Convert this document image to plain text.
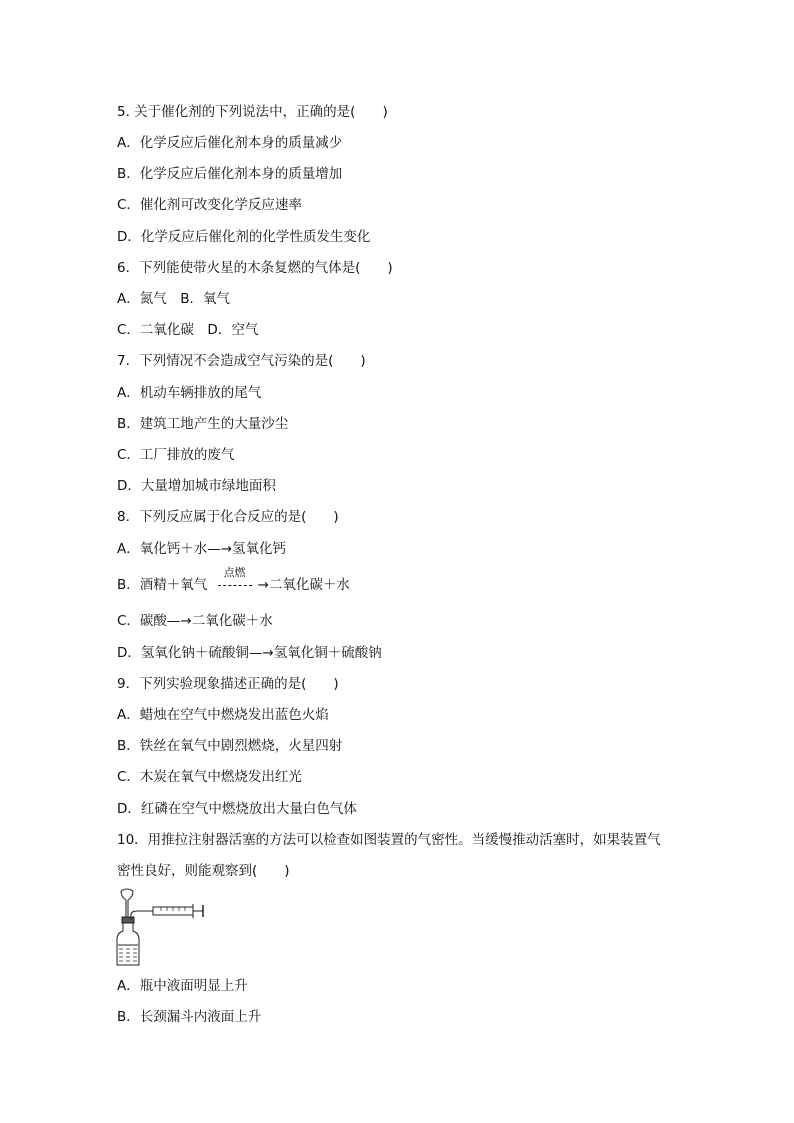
5. 关于催化剂的下列说法中，正确的是(　　)
A．化学反应后催化剂本身的质量减少
B．化学反应后催化剂本身的质量增加
C．催化剂可改变化学反应速率
D．化学反应后催化剂的化学性质发生变化
6．下列能使带火星的木条复燃的气体是(　　)
A．氮气　B．氧气
C．二氧化碳　D．空气
7．下列情况不会造成空气污染的是(　　)
A．机动车辆排放的尾气
B．建筑工地产生的大量沙尘
C．工厂排放的废气
D．大量增加城市绿地面积
8．下列反应属于化合反应的是(　　)
A．氧化钙＋水—→氢氧化钙
B．酒精＋氧气
点燃
→二氧化碳＋水
C．碳酸—→二氧化碳＋水
D．氢氧化钠＋硫酸铜—→氢氧化铜＋硫酸钠
9．下列实验现象描述正确的是(　　)
A．蜡烛在空气中燃烧发出蓝色火焰
B．铁丝在氧气中剧烈燃烧，火星四射
C．木炭在氧气中燃烧发出红光
D．红磷在空气中燃烧放出大量白色气体
10．用推拉注射器活塞的方法可以检查如图装置的气密性。当缓慢推动活塞时，如果装置气
密性良好，则能观察到(　　)
A．瓶中液面明显上升
B．长颈漏斗内液面上升
